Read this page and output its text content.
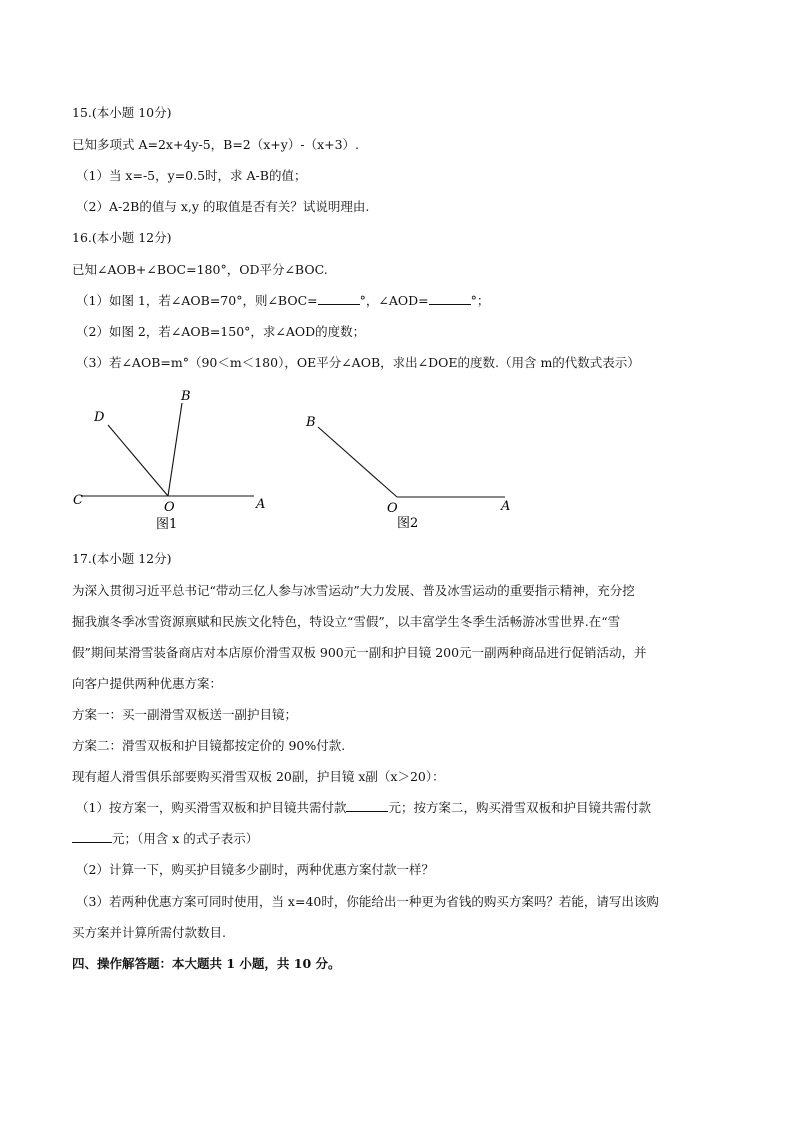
15.(本小题 10分)
已知多项式 A=2x+4y-5，B=2（x+y）-（x+3）.
（1）当 x=-5，y=0.5时，求 A-B的值；
（2）A-2B的值与 x,y 的取值是否有关？试说明理由.
16.(本小题 12分)
已知∠AOB+∠BOC=180°，OD平分∠BOC.
（1）如图 1，若∠AOB=70°，则∠BOC=	°，∠AOD=	°；
（2）如图 2，若∠AOB=150°，求∠AOD的度数；
（3）若∠AOB=m°（90＜m＜180），OE平分∠AOB，求出∠DOE的度数.（用含 m的代数式表示）
D
B
C	O	A
图1
B
O	A
图2
17.(本小题 12分)
为深入贯彻习近平总书记“带动三亿人参与冰雪运动”大力发展、普及冰雪运动的重要指示精神，充分挖
掘我旗冬季冰雪资源禀赋和民族文化特色，特设立“雪假”，以丰富学生冬季生活畅游冰雪世界.在“雪
假”期间某滑雪装备商店对本店原价滑雪双板 900元一副和护目镜 200元一副两种商品进行促销活动，并
向客户提供两种优惠方案：
方案一：买一副滑雪双板送一副护目镜；
方案二：滑雪双板和护目镜都按定价的 90%付款.
现有超人滑雪俱乐部要购买滑雪双板 20副，护目镜 x副（x＞20）：
（1）按方案一，购买滑雪双板和护目镜共需付款	元；按方案二，购买滑雪双板和护目镜共需付款
元；（用含 x 的式子表示）
（2）计算一下，购买护目镜多少副时，两种优惠方案付款一样？
（3）若两种优惠方案可同时使用，当 x=40时，你能给出一种更为省钱的购买方案吗？若能，请写出该购
买方案并计算所需付款数目.
四、操作解答题：本大题共 1 小题，共 10 分。
